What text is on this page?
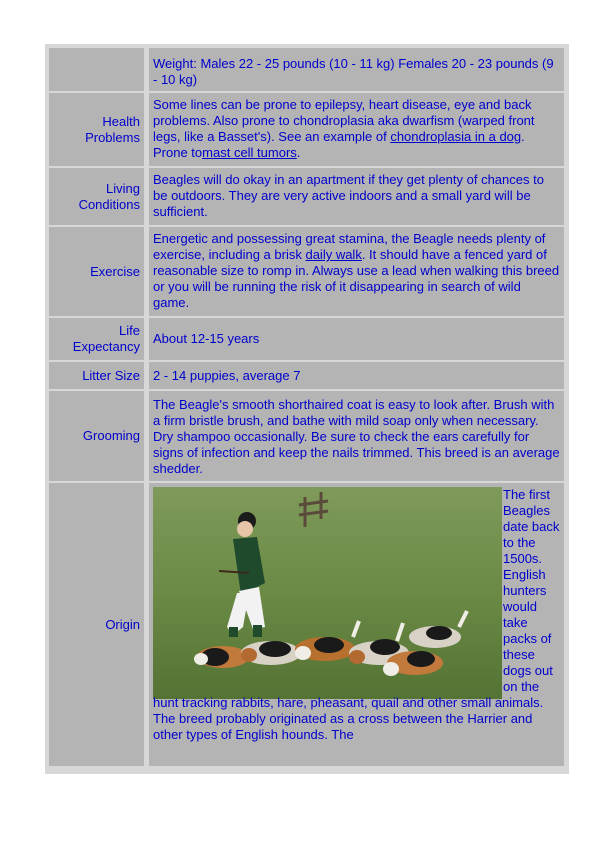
Weight: Males 22 - 25 pounds (10 - 11 kg) Females 20 - 23 pounds (9 - 10 kg)
Health Problems
Some lines can be prone to epilepsy, heart disease, eye and back problems. Also prone to chondroplasia aka dwarfism (warped front legs, like a Basset's). See an example of chondroplasia in a dog. Prone tomast cell tumors.
Living Conditions
Beagles will do okay in an apartment if they get plenty of chances to be outdoors. They are very active indoors and a small yard will be sufficient.
Exercise
Energetic and possessing great stamina, the Beagle needs plenty of exercise, including a brisk daily walk. It should have a fenced yard of reasonable size to romp in. Always use a lead when walking this breed or you will be running the risk of it disappearing in search of wild game.
Life Expectancy
About 12-15 years
Litter Size	2 - 14 puppies, average 7
Grooming
The Beagle's smooth shorthaired coat is easy to look after. Brush with a firm bristle brush, and bathe with mild soap only when necessary. Dry shampoo occasionally. Be sure to check the ears carefully for signs of infection and keep the nails trimmed. This breed is an average shedder.
Origin
The first Beagles date back to the 1500s. English hunters would take packs of these dogs out on the hunt tracking rabbits, hare, pheasant, quail and other small animals. The breed probably originated as a cross between the Harrier and other types of English hounds. The
